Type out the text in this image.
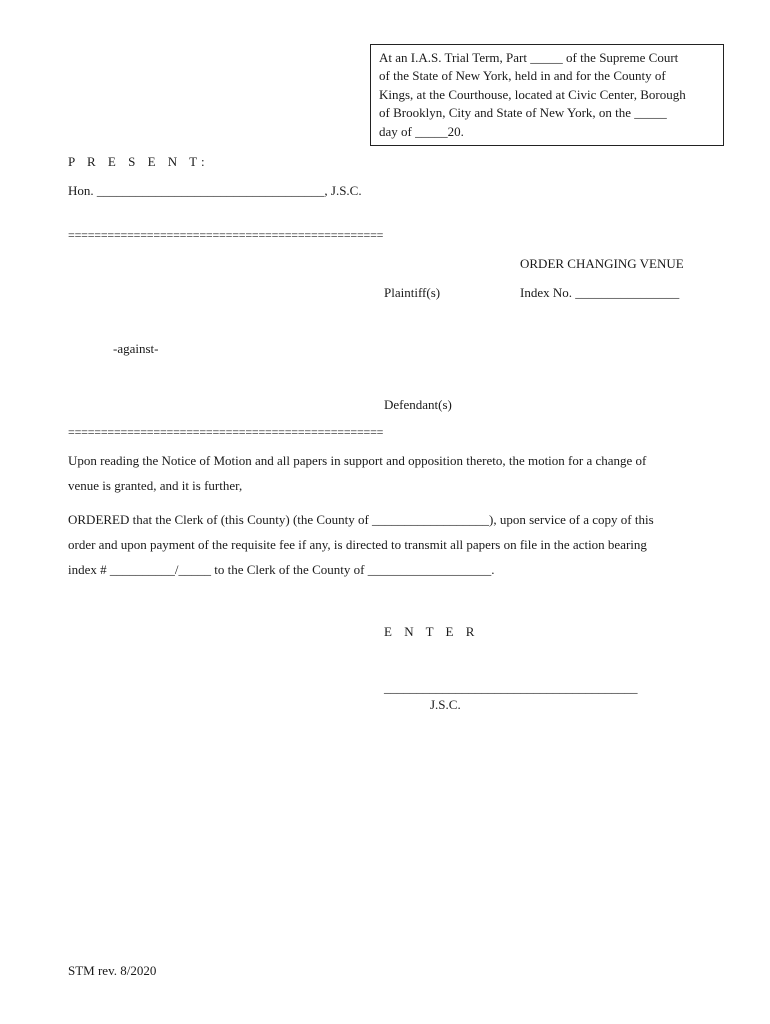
At an I.A.S. Trial Term, Part _____ of the Supreme Court
of the State of New York, held in and for the County of
Kings, at the Courthouse, located at Civic Center, Borough
of Brooklyn, City and State of New York, on the _____
day of _____20.
P R E S E N T:
Hon. ___________________________________, J.S.C.
================================================
ORDER CHANGING VENUE
Plaintiff(s)	Index No. ________________
-against-
Defendant(s)
================================================
Upon reading the Notice of Motion and all papers in support and opposition thereto, the motion for a change of
venue is granted, and it is further,
ORDERED that the Clerk of (this County) (the County of __________________), upon service of a copy of this
order and upon payment of the requisite fee if any, is directed to transmit all papers on file in the action bearing
index # __________/_____ to the Clerk of the County of ___________________.
E N T E R
_______________________________________
J.S.C.
STM rev. 8/2020
